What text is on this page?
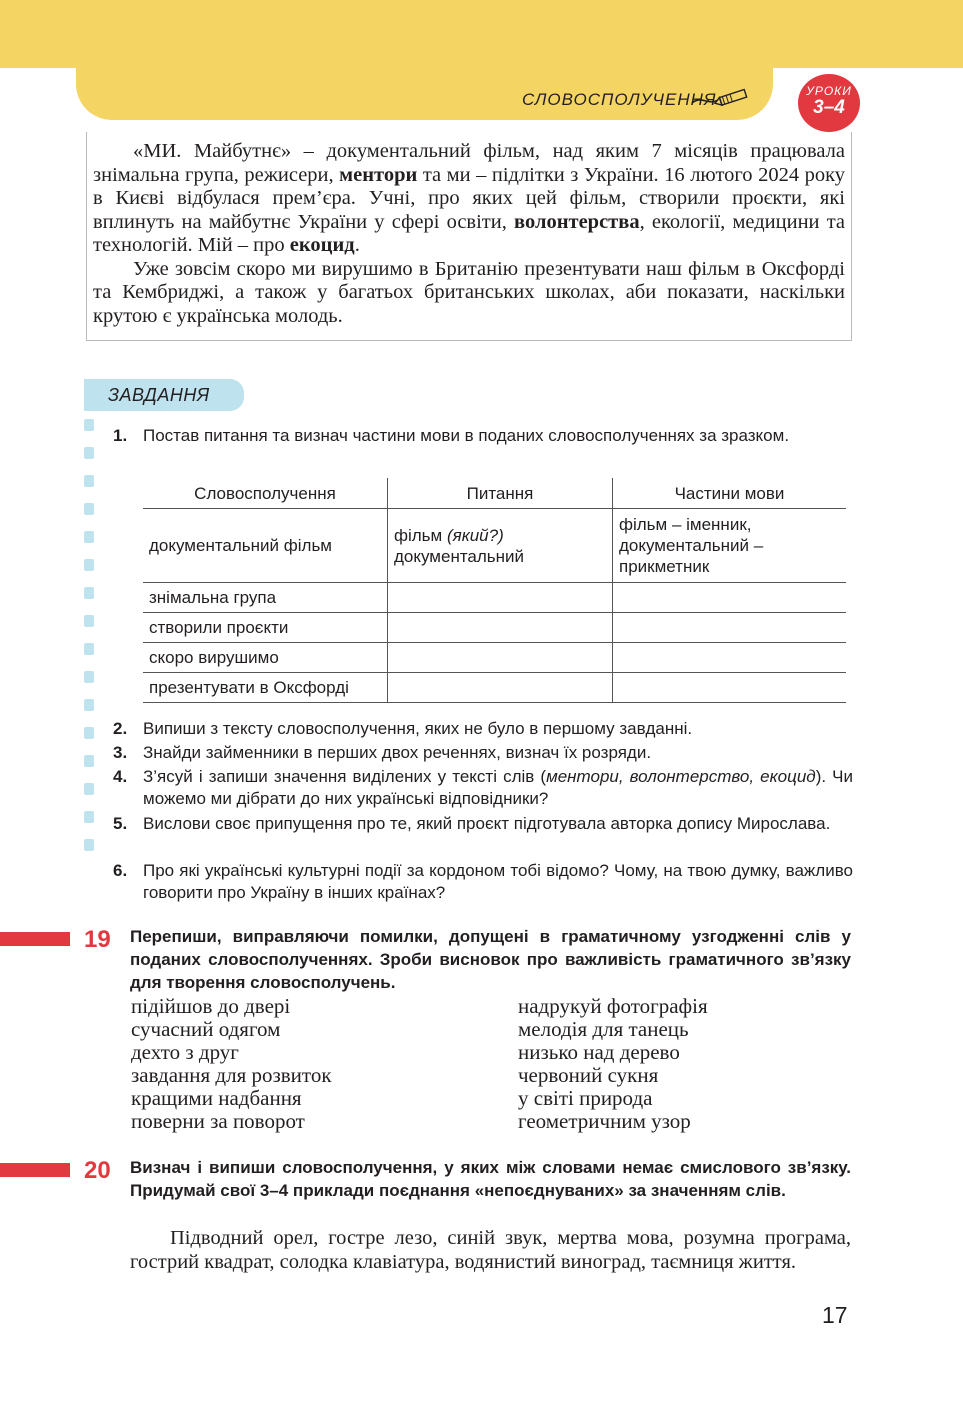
СЛОВОСПОЛУЧЕННЯ	УРОКИ
3–4

«МИ. Майбутнє» – документальний фільм, над яким 7 місяців працювала знімальна група, режисери, ментори та ми – підлітки з України. 16 лютого 2024 року в Києві відбулася прем’єра. Учні, про яких цей фільм, створили проєкти, які вплинуть на майбутнє України у сфері освіти, волонтерства, екології, медицини та технологій. Мій – про екоцид.

Уже зовсім скоро ми вирушимо в Британію презентувати наш фільм в Оксфорді та Кембриджі, а також у багатьох британських школах, аби показати, наскільки крутою є українська молодь.

ЗАВДАННЯ
1. Постав питання та визнач частини мови в поданих словосполученнях за зразком.
Словосполучення	Питання	Частини мови
документальний фільм	фільм (який?) документальний	фільм – іменник, документальний – прикметник
знімальна група		
створили проєкти		
скоро вирушимо		
презентувати в Оксфорді		
2. Випиши з тексту словосполучення, яких не було в першому завданні.
3. Знайди займенники в перших двох реченнях, визнач їх розряди.
4. З’ясуй і запиши значення виділених у тексті слів (ментори, волонтерство, екоцид). Чи можемо ми дібрати до них українські відповідники?
5. Вислови своє припущення про те, який проєкт підготувала авторка допису Мирослава.
6. Про які українські культурні події за кордоном тобі відомо? Чому, на твою думку, важливо говорити про Україну в інших країнах?
19 Перепиши, виправляючи помилки, допущені в граматичному узгодженні слів у поданих словосполученнях. Зроби висновок про важливість граматичного зв’язку для творення словосполучень.
підійшов до двері
сучасний одягом
дехто з друг
завдання для розвиток
кращими надбання
поверни за поворот
надрукуй фотографія
мелодія для танець
низько над дерево
червоний сукня
у світі природа
геометричним узор
20 Визнач і випиши словосполучення, у яких між словами немає смислового зв’язку. Придумай свої 3–4 приклади поєднання «непоєднуваних» за значенням слів.
Підводний орел, гостре лезо, синій звук, мертва мова, розумна програма, гострий квадрат, солодка клавіатура, водянистий виноград, таємниця життя.
17
